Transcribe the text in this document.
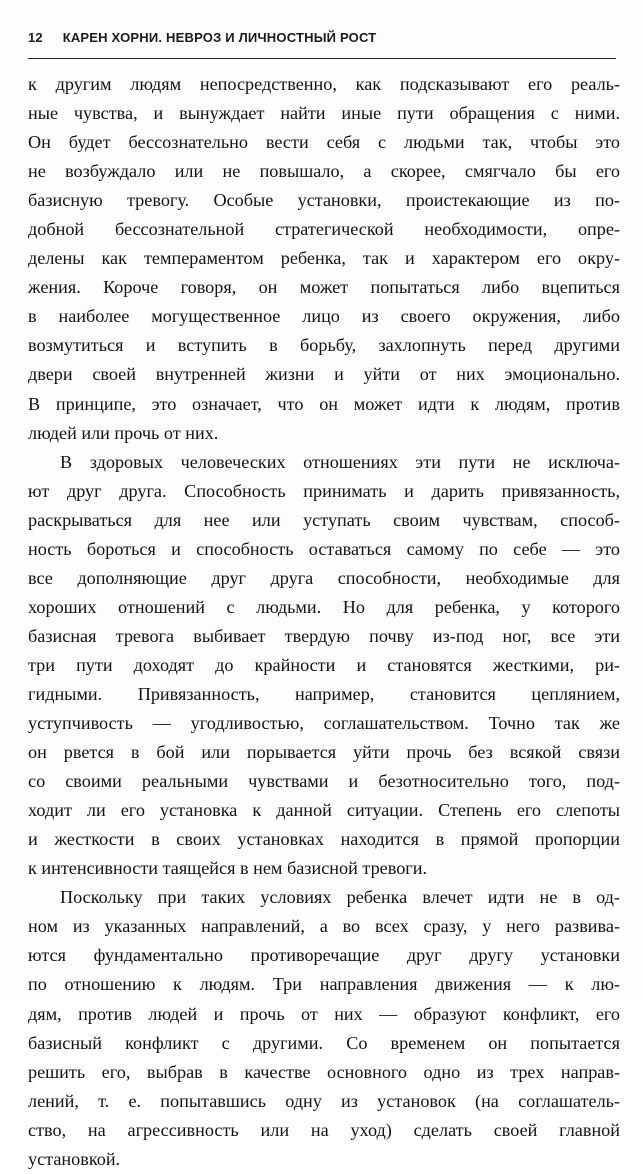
12 КАРЕН ХОРНИ. НЕВРОЗ И ЛИЧНОСТНЫЙ РОСТ
к другим людям непосредственно, как подсказывают его реаль-
ные чувства, и вынуждает найти иные пути обращения с ними.
Он будет бессознательно вести себя с людьми так, чтобы это
не возбуждало или не повышало, а скорее, смягчало бы его
базисную тревогу. Особые установки, проистекающие из по-
добной бессознательной стратегической необходимости, опре-
делены как темпераментом ребенка, так и характером его окру-
жения. Короче говоря, он может попытаться либо вцепиться
в наиболее могущественное лицо из своего окружения, либо
возмутиться и вступить в борьбу, захлопнуть перед другими
двери своей внутренней жизни и уйти от них эмоционально.
В принципе, это означает, что он может идти к людям, против
людей или прочь от них.
В здоровых человеческих отношениях эти пути не исключа-
ют друг друга. Способность принимать и дарить привязанность,
раскрываться для нее или уступать своим чувствам, способ-
ность бороться и способность оставаться самому по себе — это
все дополняющие друг друга способности, необходимые для
хороших отношений с людьми. Но для ребенка, у которого
базисная тревога выбивает твердую почву из-под ног, все эти
три пути доходят до крайности и становятся жесткими, ри-
гидными. Привязанность, например, становится цеплянием,
уступчивость — угодливостью, соглашательством. Точно так же
он рвется в бой или порывается уйти прочь без всякой связи
со своими реальными чувствами и безотносительно того, под-
ходит ли его установка к данной ситуации. Степень его слепоты
и жесткости в своих установках находится в прямой пропорции
к интенсивности таящейся в нем базисной тревоги.
Поскольку при таких условиях ребенка влечет идти не в од-
ном из указанных направлений, а во всех сразу, у него развива-
ются фундаментально противоречащие друг другу установки
по отношению к людям. Три направления движения — к лю-
дям, против людей и прочь от них — образуют конфликт, его
базисный конфликт с другими. Со временем он попытается
решить его, выбрав в качестве основного одно из трех направ-
лений, т. е. попытавшись одну из установок (на соглашатель-
ство, на агрессивность или на уход) сделать своей главной
установкой.
